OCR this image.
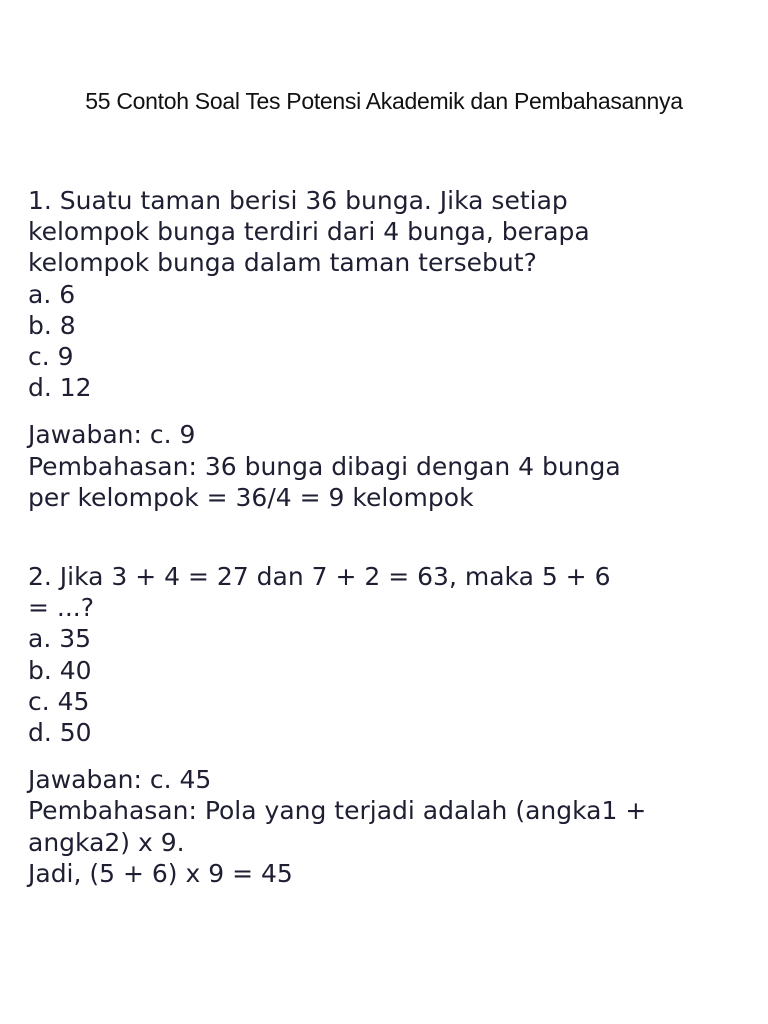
55 Contoh Soal Tes Potensi Akademik dan Pembahasannya
1. Suatu taman berisi 36 bunga. Jika setiap
kelompok bunga terdiri dari 4 bunga, berapa
kelompok bunga dalam taman tersebut?
a. 6
b. 8
c. 9
d. 12
Jawaban: c. 9
Pembahasan: 36 bunga dibagi dengan 4 bunga
per kelompok = 36/4 = 9 kelompok
2. Jika 3 + 4 = 27 dan 7 + 2 = 63, maka 5 + 6
= ...?
a. 35
b. 40
c. 45
d. 50
Jawaban: c. 45
Pembahasan: Pola yang terjadi adalah (angka1 +
angka2) x 9.
Jadi, (5 + 6) x 9 = 45
